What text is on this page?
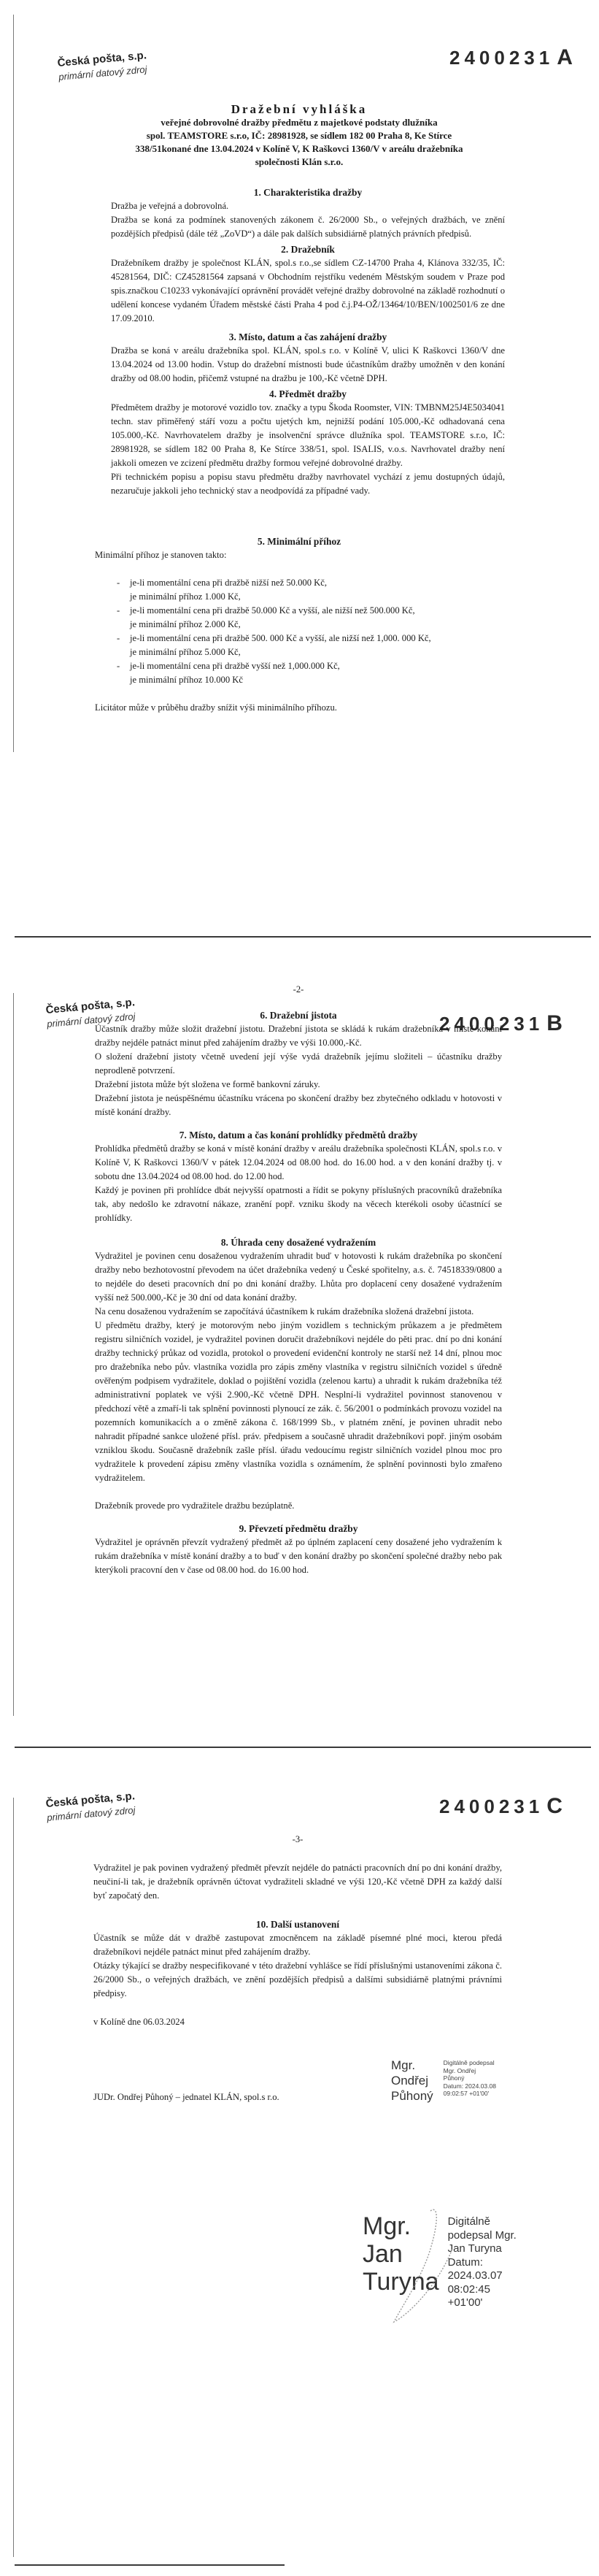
Česká pošta, s.p.
primární datový zdroj
2400231 A
Dražební vyhláška
veřejné dobrovolné dražby předmětu z majetkové podstaty dlužníka
spol. TEAMSTORE s.r.o, IČ: 28981928, se sídlem 182 00 Praha 8, Ke Stírce
338/51konané dne 13.04.2024 v Kolíně V, K Raškovci 1360/V v areálu dražebníka
společnosti Klán s.r.o.
1. Charakteristika dražby

Dražba je veřejná a dobrovolná.

Dražba se koná za podmínek stanovených zákonem č. 26/2000 Sb., o veřejných dražbách, ve znění pozdějších předpisů (dále též „ZoVD“) a dále pak dalších subsidiárně platných právních předpisů.

2. Dražebník

Dražebníkem dražby je společnost KLÁN, spol.s r.o.,se sídlem CZ-14700 Praha 4, Klánova 332/35, IČ: 45281564, DIČ: CZ45281564 zapsaná v Obchodním rejstříku vedeném Městským soudem v Praze pod spis.značkou C10233 vykonávající oprávnění provádět veřejné dražby dobrovolné na základě rozhodnutí o udělení koncese vydaném Úřadem městské části Praha 4 pod č.j.P4-OŽ/13464/10/BEN/1002501/6 ze dne 17.09.2010.

3. Místo, datum a čas zahájení dražby

Dražba se koná v areálu dražebníka spol. KLÁN, spol.s r.o. v Kolíně V, ulici K Raškovci 1360/V dne 13.04.2024 od 13.00 hodin. Vstup do dražební místnosti bude účastníkům dražby umožněn v den konání dražby od 08.00 hodin, přičemž vstupné na dražbu je 100,-Kč včetně DPH.

4. Předmět dražby

Předmětem dražby je motorové vozidlo tov. značky a typu Škoda Roomster, VIN: TMBNM25J4E5034041 techn. stav přiměřený stáří vozu a počtu ujetých km, nejnižší podání 105.000,-Kč odhadovaná cena 105.000,-Kč. Navrhovatelem dražby je insolvenční správce dlužníka spol. TEAMSTORE s.r.o, IČ: 28981928, se sídlem 182 00 Praha 8, Ke Stírce 338/51, spol. ISALIS, v.o.s. Navrhovatel dražby není jakkoli omezen ve zcizení předmětu dražby formou veřejné dobrovolné dražby.

Při technickém popisu a popisu stavu předmětu dražby navrhovatel vychází z jemu dostupných údajů, nezaručuje jakkoli jeho technický stav a neodpovídá za případné vady.

5. Minimální příhoz

Minimální příhoz je stanoven takto:

- je-li momentální cena při dražbě nižší než 50.000 Kč,
je minimální příhoz 1.000 Kč,
- je-li momentální cena při dražbě 50.000 Kč a vyšší, ale nižší než 500.000 Kč,
je minimální příhoz 2.000 Kč,
- je-li momentální cena při dražbě 500. 000 Kč a vyšší, ale nižší než 1,000. 000 Kč,
je minimální příhoz 5.000 Kč,
- je-li momentální cena při dražbě vyšší než 1,000.000 Kč,
je minimální příhoz 10.000 Kč

Licitátor může v průběhu dražby snížit výši minimálního příhozu.

Česká pošta, s.p.
primární datový zdroj	2400231 B
-2-
6. Dražební jistota

Účastník dražby může složit dražební jistotu. Dražební jistota se skládá k rukám dražebníka v místě konání dražby nejdéle patnáct minut před zahájením dražby ve výši 10.000,-Kč.

O složení dražební jistoty včetně uvedení její výše vydá dražebník jejímu složiteli – účastníku dražby neprodleně potvrzení.

Dražební jistota může být složena ve formě bankovní záruky.

Dražební jistota je neúspěšnému účastníku vrácena po skončení dražby bez zbytečného odkladu v hotovosti v místě konání dražby.

7. Místo, datum a čas konání prohlídky předmětů dražby

Prohlídka předmětů dražby se koná v místě konání dražby v areálu dražebníka společnosti KLÁN, spol.s r.o. v Kolíně V, K Raškovci 1360/V v pátek 12.04.2024 od 08.00 hod. do 16.00 hod. a v den konání dražby tj. v sobotu dne 13.04.2024 od 08.00 hod. do 12.00 hod.

Každý je povinen při prohlídce dbát nejvyšší opatrnosti a řídit se pokyny příslušných pracovníků dražebníka tak, aby nedošlo ke zdravotní nákaze, zranění popř. vzniku škody na věcech kterékoli osoby účastnící se prohlídky.

8. Úhrada ceny dosažené vydražením

Vydražitel je povinen cenu dosaženou vydražením uhradit buď v hotovosti k rukám dražebníka po skončení dražby nebo bezhotovostní převodem na účet dražebníka vedený u České spořitelny, a.s. č. 74518339/0800 a to nejdéle do deseti pracovních dní po dni konání dražby. Lhůta pro doplacení ceny dosažené vydražením vyšší než 500.000,-Kč je 30 dní od data konání dražby.

Na cenu dosaženou vydražením se započítává účastníkem k rukám dražebníka složená dražební jistota.

U předmětu dražby, který je motorovým nebo jiným vozidlem s technickým průkazem a je předmětem registru silničních vozidel, je vydražitel povinen doručit dražebníkovi nejdéle do pěti prac. dní po dni konání dražby technický průkaz od vozidla, protokol o provedení evidenční kontroly ne starší než 14 dní, plnou moc pro dražebníka nebo pův. vlastníka vozidla pro zápis změny vlastníka v registru silničních vozidel s úředně ověřeným podpisem vydražitele, doklad o pojištění vozidla (zelenou kartu) a uhradit k rukám dražebníka též administrativní poplatek ve výši 2.900,-Kč včetně DPH. Nesplní-li vydražitel povinnost stanovenou v předchozí větě a zmaří-li tak splnění povinnosti plynoucí ze zák. č. 56/2001 o podmínkách provozu vozidel na pozemních komunikacích a o změně zákona č. 168/1999 Sb., v platném znění, je povinen uhradit nebo nahradit případné sankce uložené přísl. práv. předpisem a současně uhradit dražebníkovi popř. jiným osobám vzniklou škodu. Současně dražebník zašle přísl. úřadu vedoucímu registr silničních vozidel plnou moc pro vydražitele k provedení zápisu změny vlastníka vozidla s oznámením, že splnění povinnosti bylo zmařeno vydražitelem.

Dražebník provede pro vydražitele dražbu bezúplatně.

9. Převzetí předmětu dražby

Vydražitel je oprávněn převzít vydražený předmět až po úplném zaplacení ceny dosažené jeho vydražením k rukám dražebníka v místě konání dražby a to buď v den konání dražby po skončení společné dražby nebo pak kterýkoli pracovní den v čase od 08.00 hod. do 16.00 hod.

Česká pošta, s.p.
primární datový zdroj	2400231 C
-3-

Vydražitel je pak povinen vydražený předmět převzít nejdéle do patnácti pracovních dní po dni konání dražby, neučiní-li tak, je dražebník oprávněn účtovat vydražiteli skladné ve výši 120,-Kč včetně DPH za každý další byť započatý den.

10. Další ustanovení

Účastník se může dát v dražbě zastupovat zmocněncem na základě písemné plné moci, kterou předá dražebníkovi nejdéle patnáct minut před zahájením dražby.

Otázky týkající se dražby nespecifikované v této dražební vyhlášce se řídí příslušnými ustanoveními zákona č. 26/2000 Sb., o veřejných dražbách, ve znění pozdějších předpisů a dalšími subsidiárně platnými právními předpisy.

v Kolíně dne 06.03.2024

JUDr. Ondřej Půhoný – jednatel KLÁN, spol.s r.o.

Mgr.
Ondřej
Půhoný
Digitálně podepsal
Mgr. Ondřej
Půhoný
Datum: 2024.03.08
09:02:57 +01'00'
Mgr.
Jan
Turyna
Digitálně
podepsal Mgr.
Jan Turyna
Datum:
2024.03.07
08:02:45
+01'00'
